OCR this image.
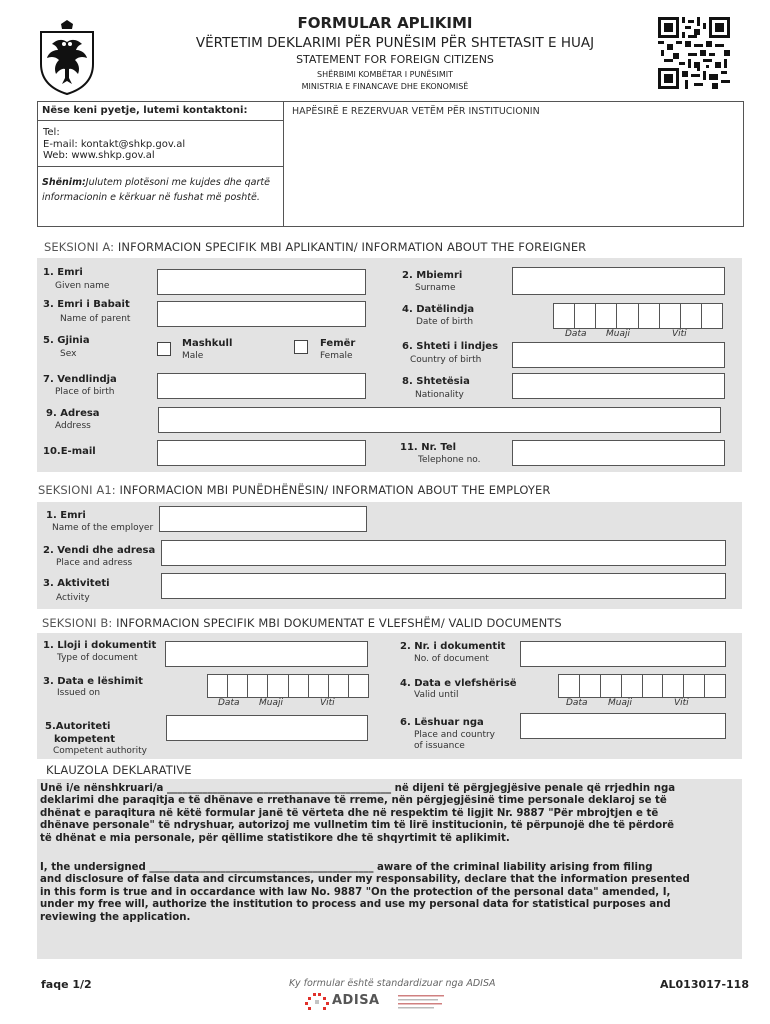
FORMULAR APLIKIMI
VËRTETIM DEKLARIMI PËR PUNËSIM PËR SHTETASIT E HUAJ
STATEMENT FOR FOREIGN CITIZENS
SHËRBIMI KOMBËTAR I PUNËSIMIT
MINISTRIA E FINANCAVE DHE EKONOMISË
Nëse keni pyetje, lutemi kontaktoni:
Tel:
E-mail: kontakt@shkp.gov.al
Web: www.shkp.gov.al
Shënim:Julutem plotësoni me kujdes dhe qartë
informacionin e kërkuar në fushat më poshtë.
HAPËSIRË E REZERVUAR VETËM PËR INSTITUCIONIN
SEKSIONI A: INFORMACION SPECIFIK MBI APLIKANTIN/ INFORMATION ABOUT THE FOREIGNER
1. Emri
Given name
2. Mbiemri
Surname
3. Emri i Babait
Name of parent
4. Datëlindja
Date of birth
Data Muaji	Viti
5. Gjinia
Sex
Mashkull
Male
Femër
Female
6. Shteti i lindjes
Country of birth
7. Vendlindja
Place of birth
8. Shtetësia
Nationality
9. Adresa
Address
10.E-mail	11. Nr. Tel
Telephone no.
SEKSIONI A1: INFORMACION MBI PUNËDHËNËSIN/ INFORMATION ABOUT THE EMPLOYER
1. Emri
Name of the employer
2. Vendi dhe adresa
Place and adress
3. Aktiviteti
Activity
SEKSIONI B: INFORMACION SPECIFIK MBI DOKUMENTAT E VLEFSHËM/ VALID DOCUMENTS
1. Lloji i dokumentit
Type of document
2. Nr. i dokumentit
No. of document
3. Data e lëshimit
Issued on
Data Muaji	Viti
4. Data e vlefshërisë
Valid until
Data Muaji	Viti
5.Autoriteti
kompetent
Competent authority
6. Lëshuar nga
Place and country
of issuance
KLAUZOLA DEKLARATIVE
Unë i/e nënshkruari/a ____________________________________________ në dijeni të përgjegjësive penale që rrjedhin nga
deklarimi dhe paraqitja e të dhënave e rrethanave të rreme, nën përgjegjësinë time personale deklaroj se të
dhënat e paraqitura në këtë formular janë të vërteta dhe në respektim të ligjit Nr. 9887 "Për mbrojtjen e të
dhënave personale" të ndryshuar, autorizoj me vullnetim tim të lirë institucionin, të përpunojë dhe të përdorë
të dhënat e mia personale, për qëllime statistikore dhe të shqyrtimit të aplikimit.
I, the undersigned ____________________________________________ aware of the criminal liability arising from filing
and disclosure of false data and circumstances, under my responsability, declare that the information presented
in this form is true and in occardance with law No. 9887 "On the protection of the personal data" amended, I,
under my free will, authorize the institution to process and use my personal data for statistical purposes and
reviewing the application.
faqe 1/2	Ky formular është standardizuar nga ADISA
ADISA
AL013017-118
